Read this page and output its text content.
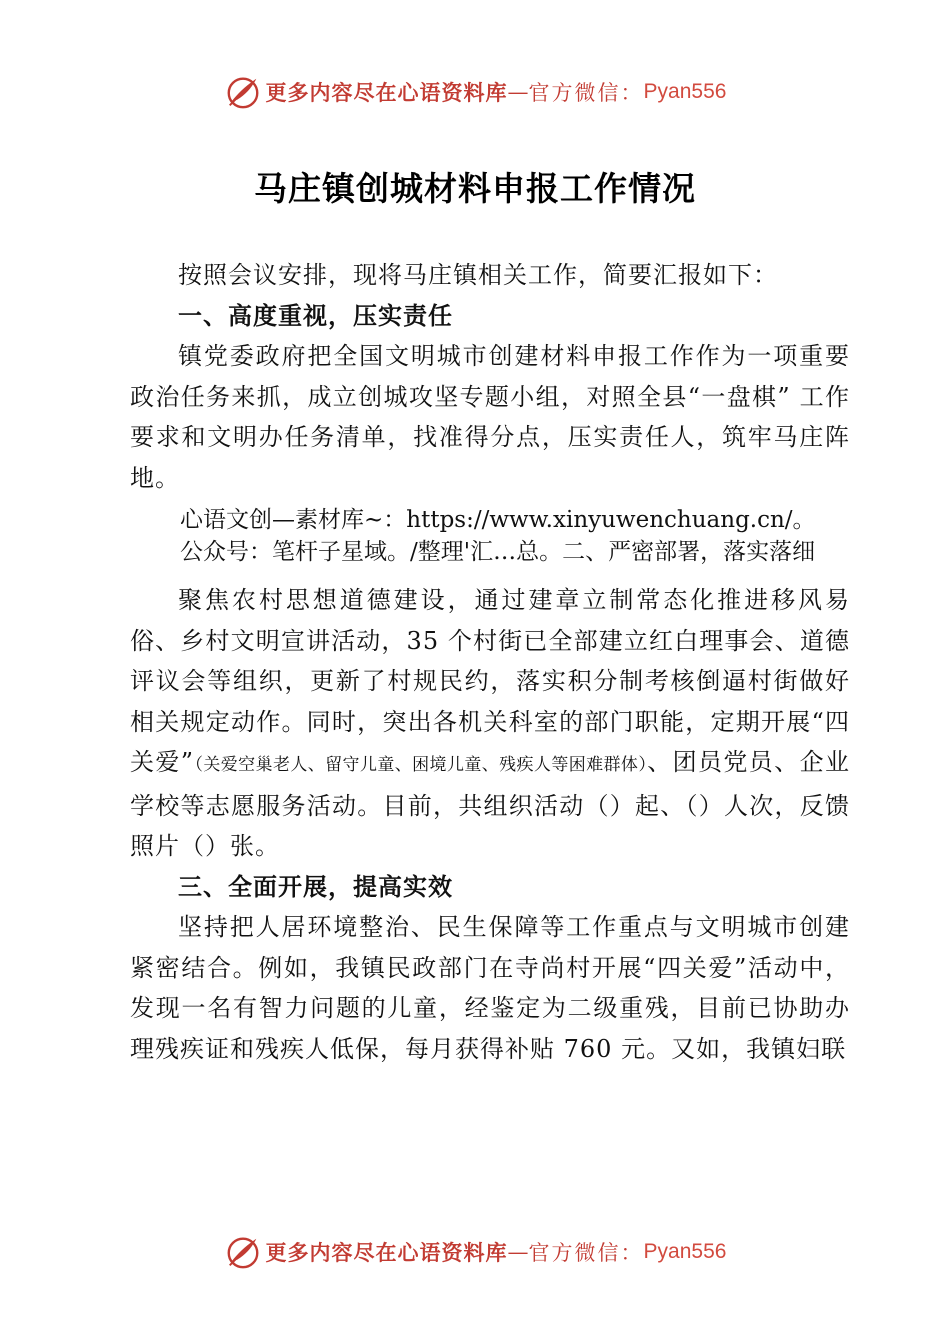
更多内容尽在心语资料库 — 官方微信： Pyan556
马庄镇创城材料申报工作情况

按照会议安排，现将马庄镇相关工作，简要汇报如下：

一、高度重视，压实责任

镇党委政府把全国文明城市创建材料申报工作作为一项重要政治任务来抓，成立创城攻坚专题小组，对照全县“一盘棋” 工作要求和文明办任务清单，找准得分点，压实责任人，筑牢马庄阵地。

心语文创—素材库~：https://www.xinyuwenchuang.cn/。
公众号：笔杆子星域。/整理'汇…总。二、严密部署，落实落细

聚焦农村思想道德建设，通过建章立制常态化推进移风易俗、乡村文明宣讲活动，35 个村街已全部建立红白理事会、道德评议会等组织，更新了村规民约，落实积分制考核倒逼村街做好相关规定动作。同时，突出各机关科室的部门职能，定期开展“四关爱”（关爱空巢老人、留守儿童、困境儿童、残疾人等困难群体）、团员党员、企业学校等志愿服务活动。目前，共组织活动（）起、（）人次，反馈照片（）张。

三、全面开展，提高实效

坚持把人居环境整治、民生保障等工作重点与文明城市创建紧密结合。例如，我镇民政部门在寺尚村开展“四关爱”活动中， 发现一名有智力问题的儿童，经鉴定为二级重残，目前已协助办理残疾证和残疾人低保，每月获得补贴 760 元。又如，我镇妇联

更多内容尽在心语资料库 — 官方微信： Pyan556
